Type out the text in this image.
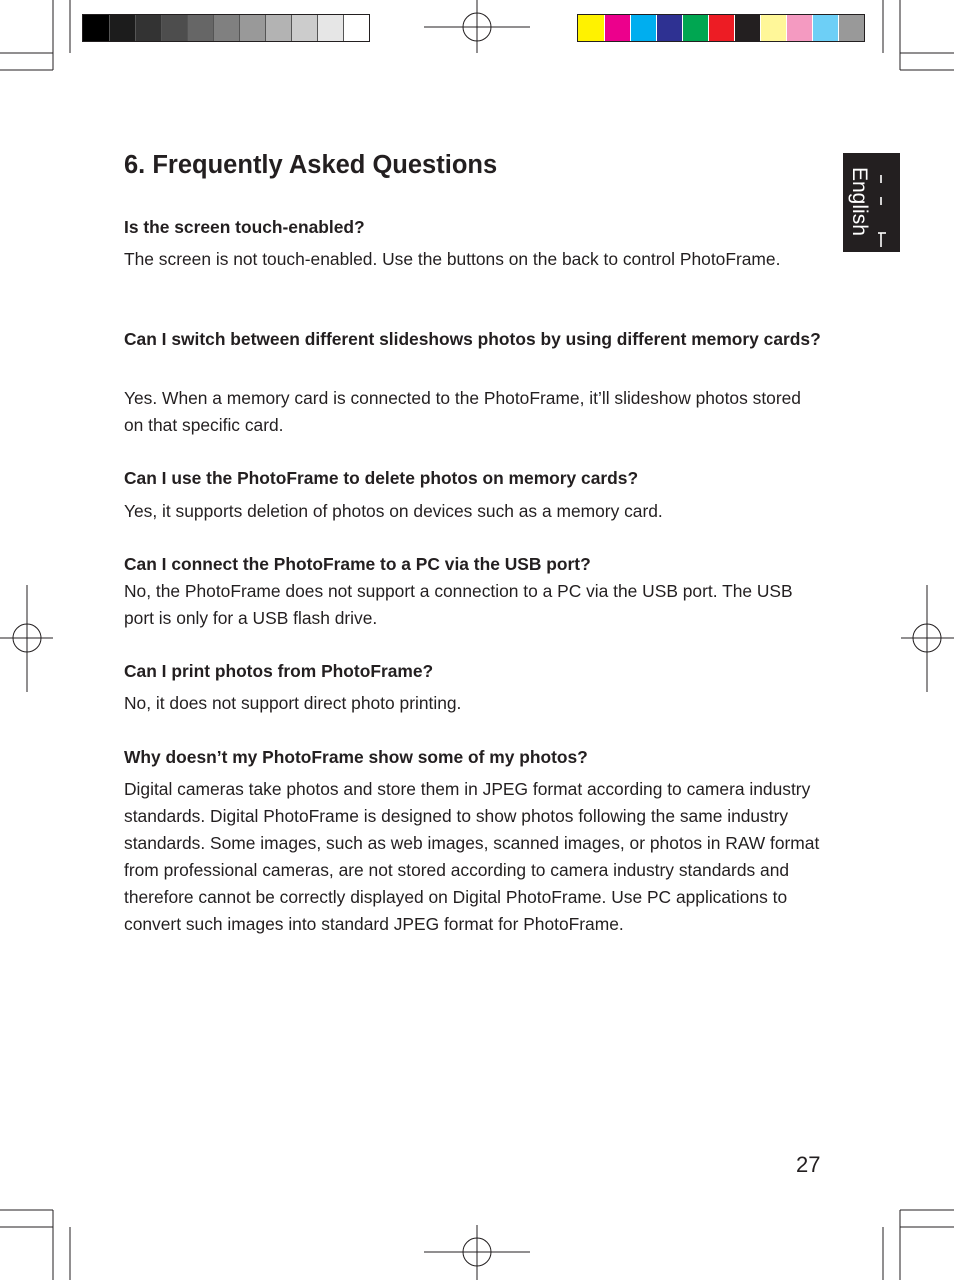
English
6. Frequently Asked Questions

Is the screen touch-enabled?

The screen is not touch-enabled. Use the buttons on the back to control PhotoFrame.

Can I switch between different slideshows photos by using different memory cards?

Yes. When a memory card is connected to the PhotoFrame, it’ll slideshow photos stored on that specific card.

Can I use the PhotoFrame to delete photos on memory cards?

Yes, it supports deletion of photos on devices such as a memory card.

Can I connect the PhotoFrame to a PC via the USB port?

No, the PhotoFrame does not support a connection to a PC via the USB port. The USB port is only for a USB flash drive.

Can I print photos from PhotoFrame?

No, it does not support direct photo printing.

Why doesn’t my PhotoFrame show some of my photos?

Digital cameras take photos and store them in JPEG format according to camera industry standards. Digital PhotoFrame is designed to show photos following the same industry standards. Some images, such as web images, scanned images, or photos in RAW format from professional cameras, are not stored according to camera industry standards and therefore cannot be correctly displayed on Digital PhotoFrame. Use PC applications to convert such images into standard JPEG format for PhotoFrame.

27
